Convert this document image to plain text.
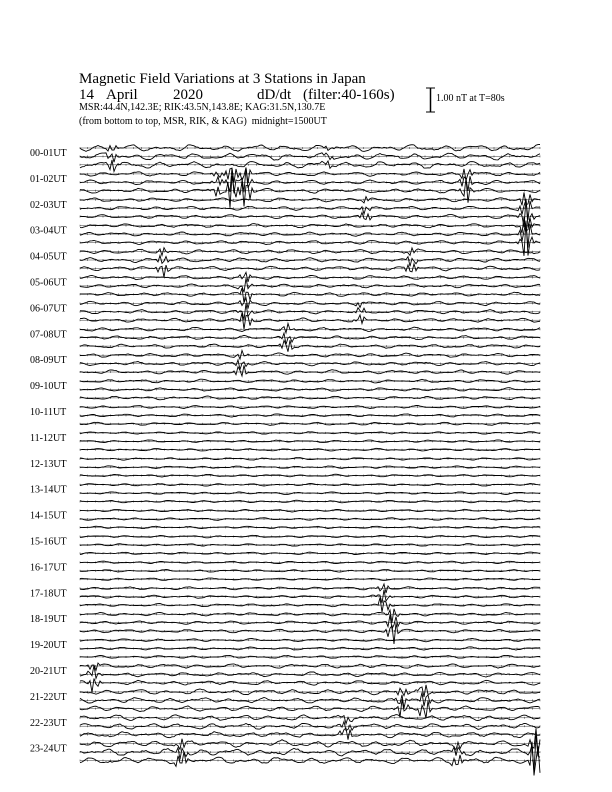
Magnetic Field Variations at 3 Stations in Japan
14 April 2020	dD/dt (filter:40-160s)
MSR:44.4N,142.3E; RIK:43.5N,143.8E; KAG:31.5N,130.7E
(from bottom to top, MSR, RIK, & KAG) midnight=1500UT
1.00 nT at T=80s
00-01UT
01-02UT
02-03UT
03-04UT
04-05UT
05-06UT
06-07UT
07-08UT
08-09UT
09-10UT
10-11UT
11-12UT
12-13UT
13-14UT
14-15UT
15-16UT
16-17UT
17-18UT
18-19UT
19-20UT
20-21UT
21-22UT
22-23UT
23-24UT
